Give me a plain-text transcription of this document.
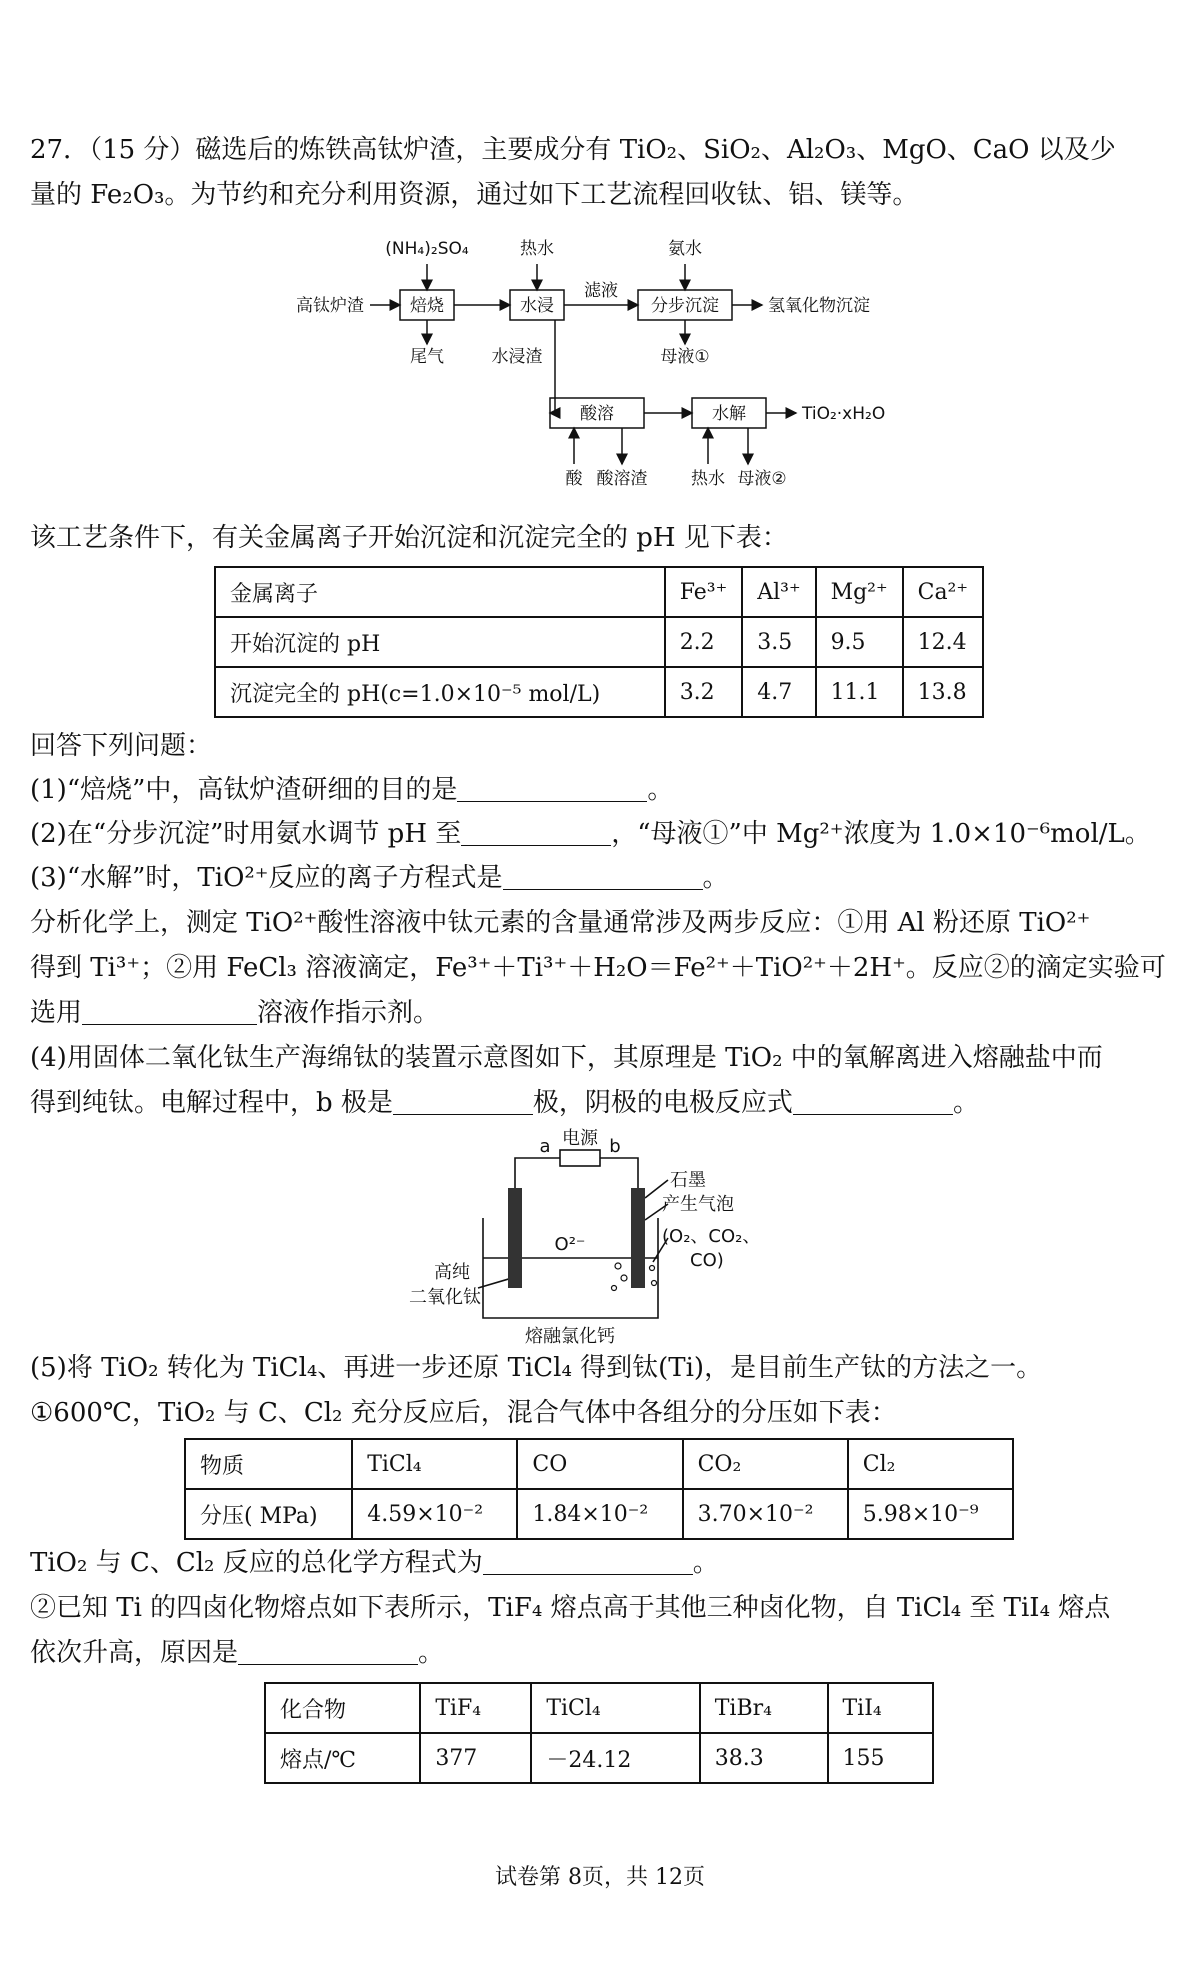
27．（15 分）磁选后的炼铁高钛炉渣，主要成分有 TiO₂、SiO₂、Al₂O₃、MgO、CaO 以及少
量的 Fe₂O₃。为节约和充分利用资源，通过如下工艺流程回收钛、铝、镁等。
(NH₄)₂SO₄	热水	氨水
高钛炉渣	焙烧	水浸
滤液
分步沉淀	氢氧化物沉淀
尾气	水浸渣	母液①
酸溶	水解	TiO₂·xH₂O
酸 酸溶渣	热水 母液②
该工艺条件下，有关金属离子开始沉淀和沉淀完全的 pH 见下表：
金属离子	Fe³⁺	Al³⁺	Mg²⁺	Ca²⁺
开始沉淀的 pH	2.2	3.5	9.5	12.4
沉淀完全的 pH(c=1.0×10⁻⁵ mol/L)	3.2	4.7	11.1	13.8
回答下列问题：
(1)“焙烧”中，高钛炉渣研细的目的是	。
(2)在“分步沉淀”时用氨水调节 pH 至	，“母液①”中 Mg²⁺浓度为 1.0×10⁻⁶mol/L。
(3)“水解”时，TiO²⁺反应的离子方程式是	。
分析化学上，测定 TiO²⁺酸性溶液中钛元素的含量通常涉及两步反应：①用 Al 粉还原 TiO²⁺
得到 Ti³⁺；②用 FeCl₃ 溶液滴定，Fe³⁺＋Ti³⁺＋H₂O＝Fe²⁺＋TiO²⁺＋2H⁺。反应②的滴定实验可
选用	溶液作指示剂。
(4)用固体二氧化钛生产海绵钛的装置示意图如下，其原理是 TiO₂ 中的氧解离进入熔融盐中而
得到纯钛。电解过程中，b 极是	极，阴极的电极反应式	。
电源
a	b
石墨
产生气泡
(O₂、CO₂、
CO)
O²⁻
高纯
二氧化钛
熔融氯化钙
(5)将 TiO₂ 转化为 TiCl₄、再进一步还原 TiCl₄ 得到钛(Ti)，是目前生产钛的方法之一。
①600℃，TiO₂ 与 C、Cl₂ 充分反应后，混合气体中各组分的分压如下表：
物质	TiCl₄	CO	CO₂	Cl₂
分压( MPa)	4.59×10⁻²	1.84×10⁻²	3.70×10⁻²	5.98×10⁻⁹
TiO₂ 与 C、Cl₂ 反应的总化学方程式为	。
②已知 Ti 的四卤化物熔点如下表所示，TiF₄ 熔点高于其他三种卤化物，自 TiCl₄ 至 TiI₄ 熔点
依次升高，原因是	。
化合物	TiF₄	TiCl₄	TiBr₄	TiI₄
熔点/℃	377	－24.12	38.3	155
试卷第 8页，共 12页
